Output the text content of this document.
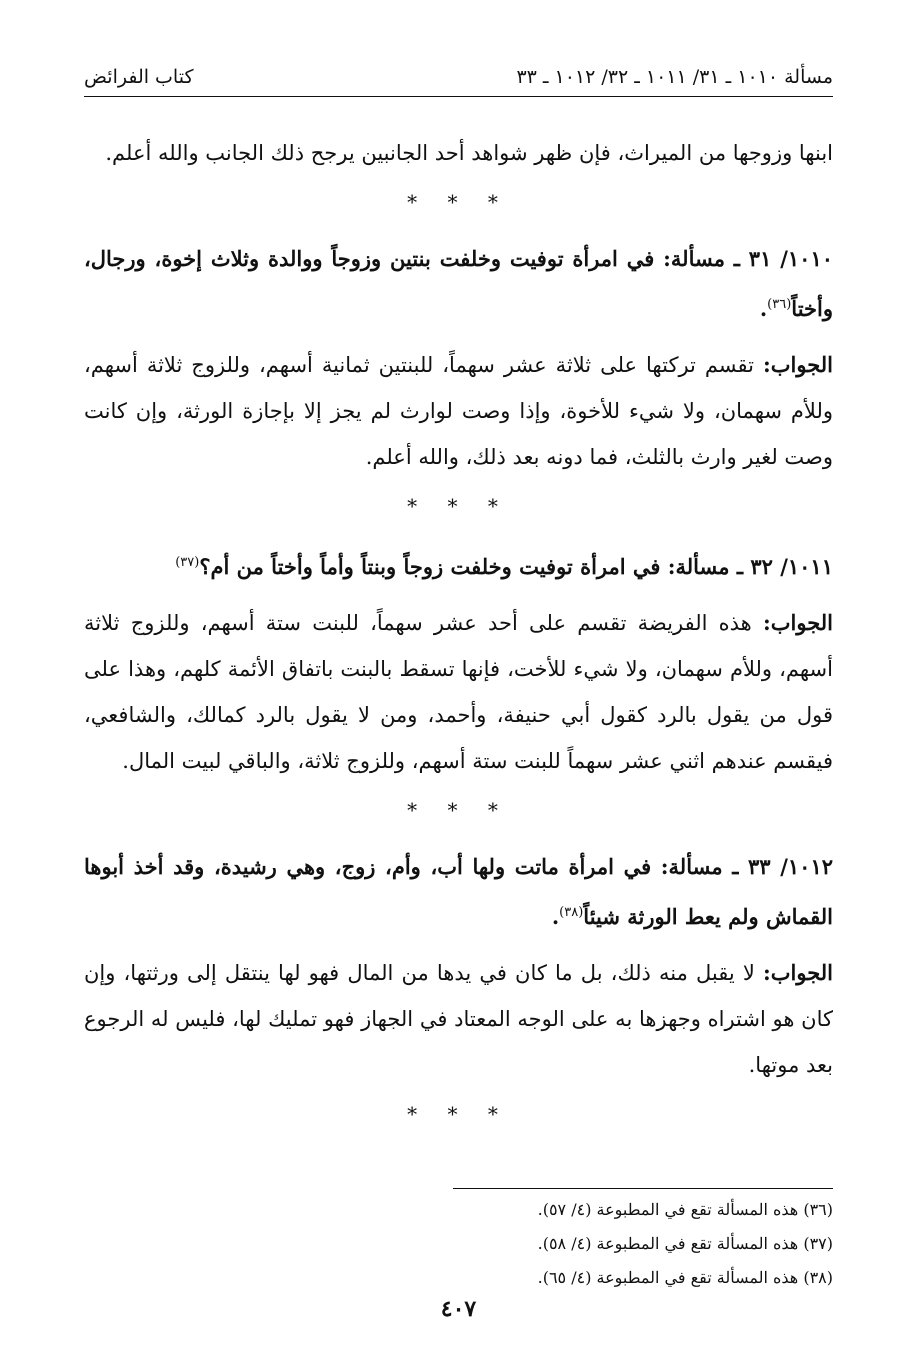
مسألة ١٠١٠ ـ ٣١/ ١٠١١ ـ ٣٢/ ١٠١٢ ـ ٣٣
كتاب الفرائض

ابنها وزوجها من الميراث، فإن ظهر شواهد أحد الجانبين يرجح ذلك الجانب والله أعلم.

* * *

١٠١٠/ ٣١ ـ مسألة: في امرأة توفيت وخلفت بنتين وزوجاً ووالدة وثلاث إخوة، ورجال، وأختاً$^{(٣٦)}$.

الجواب: تقسم تركتها على ثلاثة عشر سهماً، للبنتين ثمانية أسهم، وللزوج ثلاثة أسهم، وللأم سهمان، ولا شيء للأخوة، وإذا وصت لوارث لم يجز إلا بإجازة الورثة، وإن كانت وصت لغير وارث بالثلث، فما دونه بعد ذلك، والله أعلم.

* * *

١٠١١/ ٣٢ ـ مسألة: في امرأة توفيت وخلفت زوجاً وبنتاً وأماً وأختاً من أم؟$^{(٣٧)}$

الجواب: هذه الفريضة تقسم على أحد عشر سهماً، للبنت ستة أسهم، وللزوج ثلاثة أسهم، وللأم سهمان، ولا شيء للأخت، فإنها تسقط بالبنت باتفاق الأئمة كلهم، وهذا على قول من يقول بالرد كقول أبي حنيفة، وأحمد، ومن لا يقول بالرد كمالك، والشافعي، فيقسم عندهم اثني عشر سهماً للبنت ستة أسهم، وللزوج ثلاثة، والباقي لبيت المال.

* * *

١٠١٢/ ٣٣ ـ مسألة: في امرأة ماتت ولها أب، وأم، زوج، وهي رشيدة، وقد أخذ أبوها القماش ولم يعط الورثة شيئاً$^{(٣٨)}$.

الجواب: لا يقبل منه ذلك، بل ما كان في يدها من المال فهو لها ينتقل إلى ورثتها، وإن كان هو اشتراه وجهزها به على الوجه المعتاد في الجهاز فهو تمليك لها، فليس له الرجوع بعد موتها.

* * *

(٣٦) هذه المسألة تقع في المطبوعة (٤/ ٥٧).

(٣٧) هذه المسألة تقع في المطبوعة (٤/ ٥٨).

(٣٨) هذه المسألة تقع في المطبوعة (٤/ ٦٥).

٤٠٧
